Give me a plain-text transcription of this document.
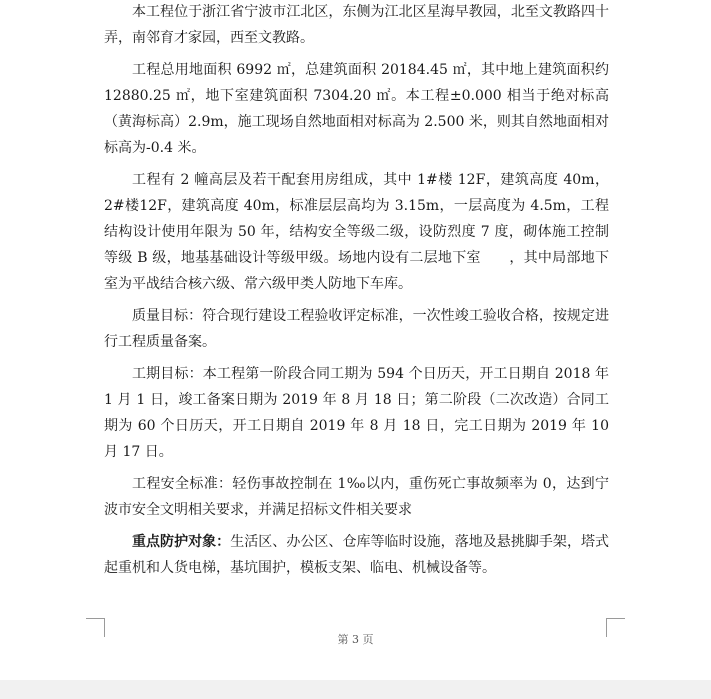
本工程位于浙江省宁波市江北区，东侧为江北区星海早教园，北至文教路四十弄，南邻育才家园，西至文教路。

工程总用地面积 6992 ㎡，总建筑面积 20184.45 ㎡，其中地上建筑面积约12880.25 ㎡，地下室建筑面积 7304.20 ㎡。本工程±0.000 相当于绝对标高（黄海标高）2.9m，施工现场自然地面相对标高为 2.500 米，则其自然地面相对标高为-0.4 米。

工程有 2 幢高层及若干配套用房组成，其中 1#楼 12F，建筑高度 40m，2#楼12F，建筑高度 40m，标准层层高均为 3.15m，一层高度为 4.5m，工程结构设计使用年限为 50 年，结构安全等级二级，设防烈度 7 度，砌体施工控制等级 B 级，地基基础设计等级甲级。场地内设有二层地下室　　，其中局部地下室为平战结合核六级、常六级甲类人防地下车库。

质量目标：符合现行建设工程验收评定标准，一次性竣工验收合格，按规定进行工程质量备案。

工期目标：本工程第一阶段合同工期为 594 个日历天，开工日期自 2018 年 1 月 1 日，竣工备案日期为 2019 年 8 月 18 日；第二阶段（二次改造）合同工期为 60 个日历天，开工日期自 2019 年 8 月 18 日，完工日期为 2019 年 10 月 17 日。

工程安全标准：轻伤事故控制在 1‰以内，重伤死亡事故频率为 0，达到宁波市安全文明相关要求，并满足招标文件相关要求

重点防护对象：生活区、办公区、仓库等临时设施，落地及悬挑脚手架，塔式起重机和人货电梯，基坑围护，模板支架、临电、机械设备等。

第 3 页
